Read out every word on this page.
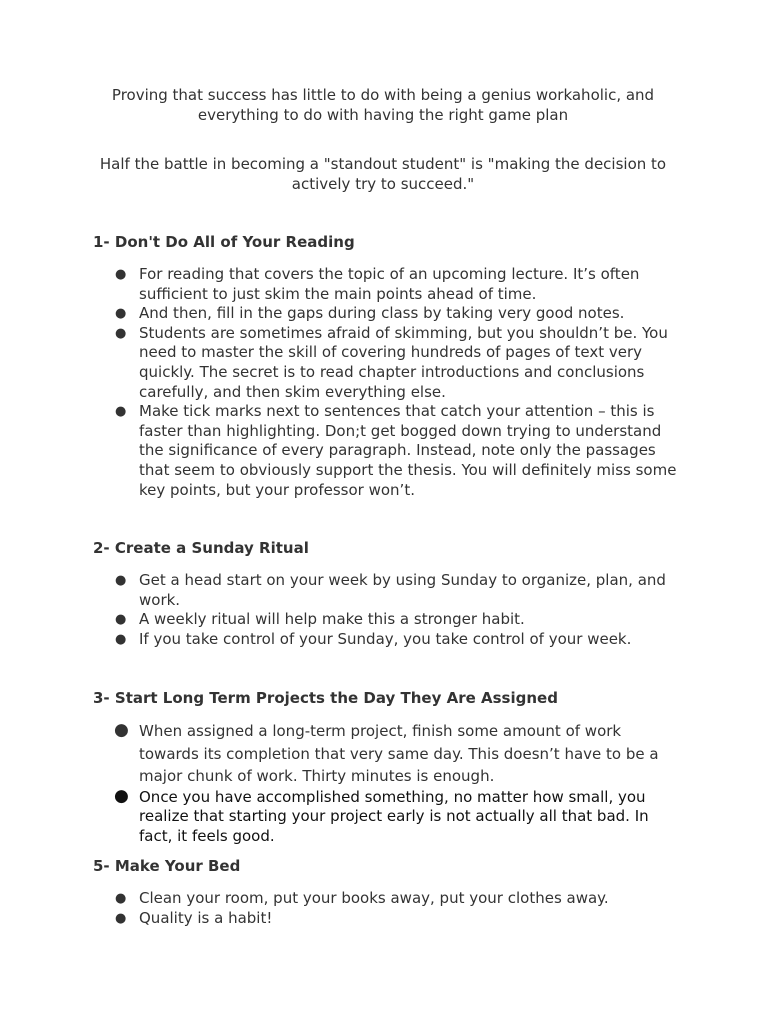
Proving that success has little to do with being a genius workaholic, and everything to do with having the right game plan
Half the battle in becoming a "standout student" is "making the decision to actively try to succeed."
1- Don't Do All of Your Reading
● For reading that covers the topic of an upcoming lecture. It’s often sufficient to just skim the main points ahead of time.
● And then, fill in the gaps during class by taking very good notes.
● Students are sometimes afraid of skimming, but you shouldn’t be. You need to master the skill of covering hundreds of pages of text very quickly. The secret is to read chapter introductions and conclusions carefully, and then skim everything else.
● Make tick marks next to sentences that catch your attention – this is faster than highlighting. Don;t get bogged down trying to understand the significance of every paragraph. Instead, note only the passages that seem to obviously support the thesis. You will definitely miss some key points, but your professor won’t.
2- Create a Sunday Ritual
● Get a head start on your week by using Sunday to organize, plan, and work.
● A weekly ritual will help make this a stronger habit.
● If you take control of your Sunday, you take control of your week.
3- Start Long Term Projects the Day They Are Assigned
● When assigned a long-term project, finish some amount of work towards its completion that very same day. This doesn’t have to be a major chunk of work. Thirty minutes is enough.
● Once you have accomplished something, no matter how small, you realize that starting your project early is not actually all that bad. In fact, it feels good.
5- Make Your Bed
● Clean your room, put your books away, put your clothes away.
● Quality is a habit!
